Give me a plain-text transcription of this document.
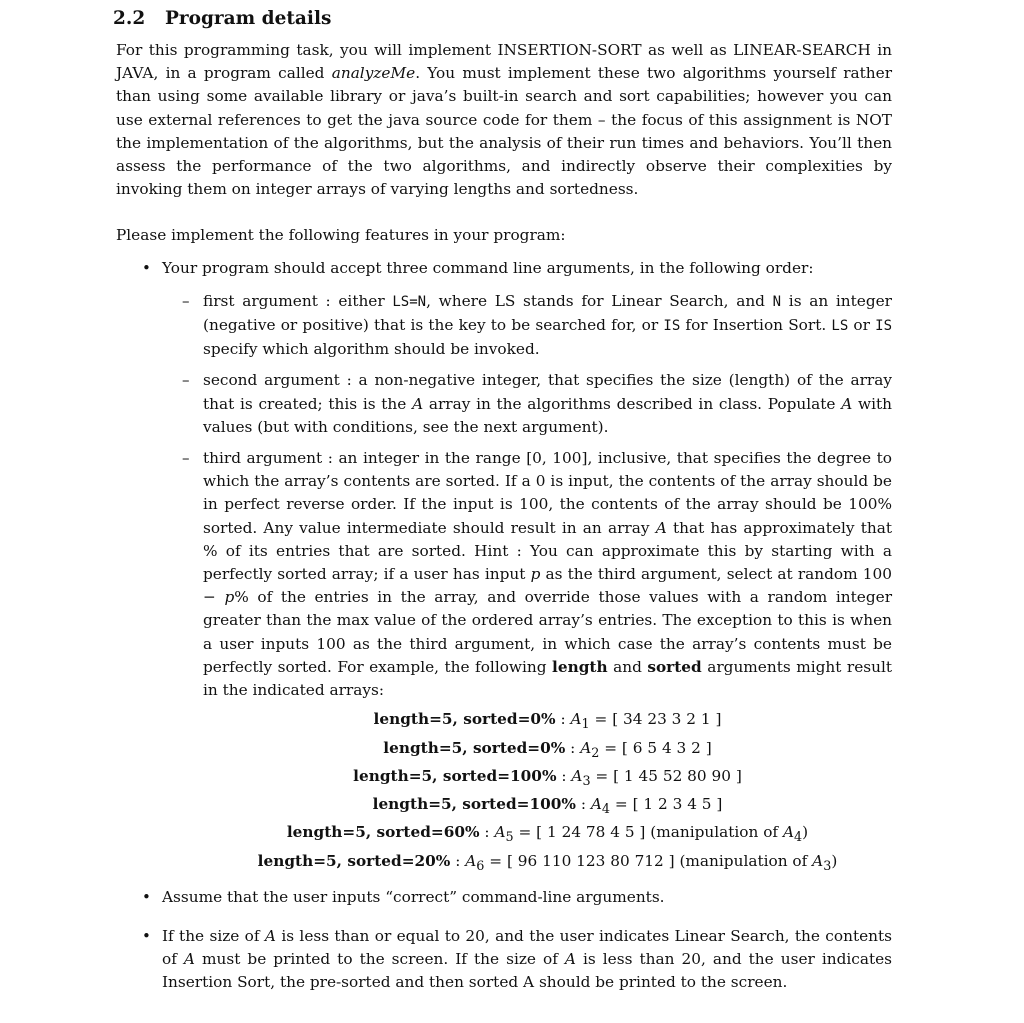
2.2 Program details

For this programming task, you will implement INSERTION-SORT as well as LINEAR-SEARCH in JAVA, in a program called analyzeMe. You must implement these two algorithms yourself rather than using some available library or java’s built-in search and sort capabilities; however you can use external references to get the java source code for them – the focus of this assignment is NOT the implementation of the algorithms, but the analysis of their run times and behaviors. You’ll then assess the performance of the two algorithms, and indirectly observe their complexities by invoking them on integer arrays of varying lengths and sortedness.

Please implement the following features in your program:

• Your program should accept three command line arguments, in the following order:

– first argument : either LS=N, where LS stands for Linear Search, and N is an integer (negative or positive) that is the key to be searched for, or IS for Insertion Sort. LS or IS specify which algorithm should be invoked.

– second argument : a non-negative integer, that specifies the size (length) of the array that is created; this is the A array in the algorithms described in class. Populate A with values (but with conditions, see the next argument).

– third argument : an integer in the range [0, 100], inclusive, that specifies the degree to which the array’s contents are sorted. If a 0 is input, the contents of the array should be in perfect reverse order. If the input is 100, the contents of the array should be 100% sorted. Any value intermediate should result in an array A that has approximately that % of its entries that are sorted. Hint : You can approximate this by starting with a perfectly sorted array; if a user has input p as the third argument, select at random 100 − p% of the entries in the array, and override those values with a random integer greater than the max value of the ordered array’s entries. The exception to this is when a user inputs 100 as the third argument, in which case the array’s contents must be perfectly sorted. For example, the following length and sorted arguments might result in the indicated arrays:

length=5, sorted=0% : $A_1$ = [ 34 23 3 2 1 ]
length=5, sorted=0% : $A_2$ = [ 6 5 4 3 2 ]
length=5, sorted=100% : $A_3$ = [ 1 45 52 80 90 ]
length=5, sorted=100% : $A_4$ = [ 1 2 3 4 5 ]
length=5, sorted=60% : $A_5$ = [ 1 24 78 4 5 ] (manipulation of $A_4$)
length=5, sorted=20% : $A_6$ = [ 96 110 123 80 712 ] (manipulation of $A_3$)
• Assume that the user inputs “correct” command-line arguments.

• If the size of A is less than or equal to 20, and the user indicates Linear Search, the contents of A must be printed to the screen. If the size of A is less than 20, and the user indicates Insertion Sort, the pre-sorted and then sorted A should be printed to the screen.
